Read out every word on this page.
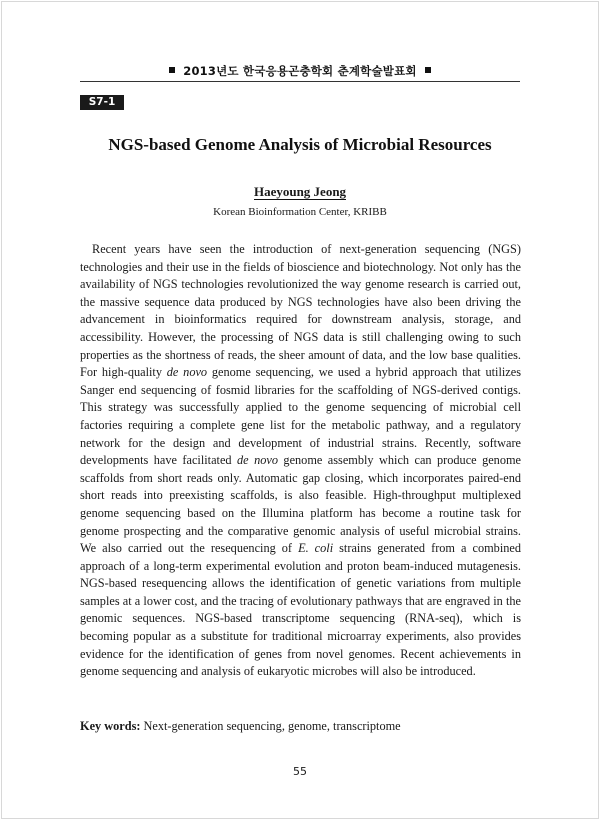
2013년도 한국응용곤충학회 춘계학술발표회
S7-1
NGS-based Genome Analysis of Microbial Resources
Haeyoung Jeong
Korean Bioinformation Center, KRIBB

Recent years have seen the introduction of next-generation sequencing (NGS) technologies and their use in the fields of bioscience and biotechnology. Not only has the availability of NGS technologies revolutionized the way genome research is carried out, the massive sequence data produced by NGS technologies have also been driving the advancement in bioinformatics required for downstream analysis, storage, and accessibility. However, the processing of NGS data is still challenging owing to such properties as the shortness of reads, the sheer amount of data, and the low base qualities. For high-quality de novo genome sequencing, we used a hybrid approach that utilizes Sanger end sequencing of fosmid libraries for the scaffolding of NGS-derived contigs. This strategy was successfully applied to the genome sequencing of microbial cell factories requiring a complete gene list for the metabolic pathway, and a regulatory network for the design and development of industrial strains. Recently, software developments have facilitated de novo genome assembly which can produce genome scaffolds from short reads only. Automatic gap closing, which incorporates paired-end short reads into preexisting scaffolds, is also feasible. High-throughput multiplexed genome sequencing based on the Illumina platform has become a routine task for genome prospecting and the comparative genomic analysis of useful microbial strains. We also carried out the resequencing of E. coli strains generated from a combined approach of a long-term experimental evolution and proton beam-induced mutagenesis. NGS-based resequencing allows the identification of genetic variations from multiple samples at a lower cost, and the tracing of evolutionary pathways that are engraved in the genomic sequences. NGS-based transcriptome sequencing (RNA-seq), which is becoming popular as a substitute for traditional microarray experiments, also provides evidence for the identification of genes from novel genomes. Recent achievements in genome sequencing and analysis of eukaryotic microbes will also be introduced.

Key words: Next-generation sequencing, genome, transcriptome
55
